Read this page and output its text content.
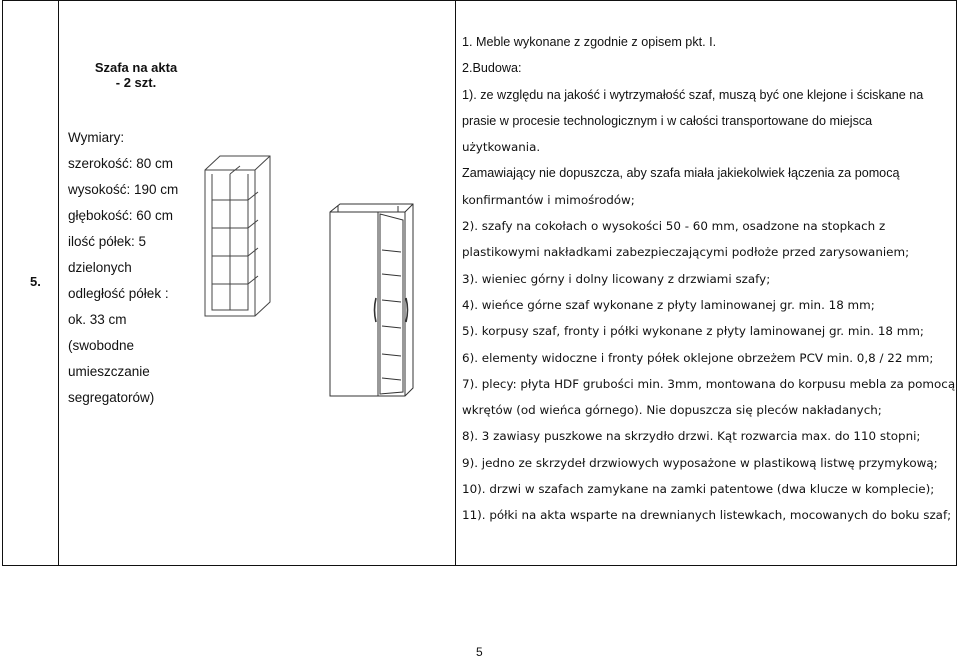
5.
Szafa na akta
- 2 szt.
Wymiary:
szerokość: 80 cm
wysokość: 190 cm
głębokość: 60 cm
ilość półek: 5
dzielonych
odległość półek :
ok. 33 cm
(swobodne
umieszczanie
segregatorów)
1. Meble wykonane z zgodnie z opisem pkt. I.
2.Budowa:
1). ze względu na jakość i wytrzymałość szaf, muszą być one klejone i ściskane na
prasie w procesie technologicznym i w całości transportowane do miejsca
użytkowania.
Zamawiający nie dopuszcza, aby szafa miała jakiekolwiek łączenia za pomocą
konfirmantów i mimośrodów;
2). szafy na cokołach o wysokości 50 - 60 mm, osadzone na stopkach z
plastikowymi nakładkami zabezpieczającymi podłoże przed zarysowaniem;
3). wieniec górny i dolny licowany z drzwiami szafy;
4). wieńce górne szaf wykonane z płyty laminowanej gr. min. 18 mm;
5). korpusy szaf, fronty i półki wykonane z płyty laminowanej gr. min. 18 mm;
6). elementy widoczne i fronty półek oklejone obrzeżem PCV min. 0,8 / 22 mm;
7). plecy: płyta HDF grubości min. 3mm, montowana do korpusu mebla za pomocą
wkrętów (od wieńca górnego). Nie dopuszcza się pleców nakładanych;
8). 3 zawiasy puszkowe na skrzydło drzwi. Kąt rozwarcia max. do 110 stopni;
9). jedno ze skrzydeł drzwiowych wyposażone w plastikową listwę przymykową;
10). drzwi w szafach zamykane na zamki patentowe (dwa klucze w komplecie);
11). półki na akta wsparte na drewnianych listewkach, mocowanych do boku szaf;
5
